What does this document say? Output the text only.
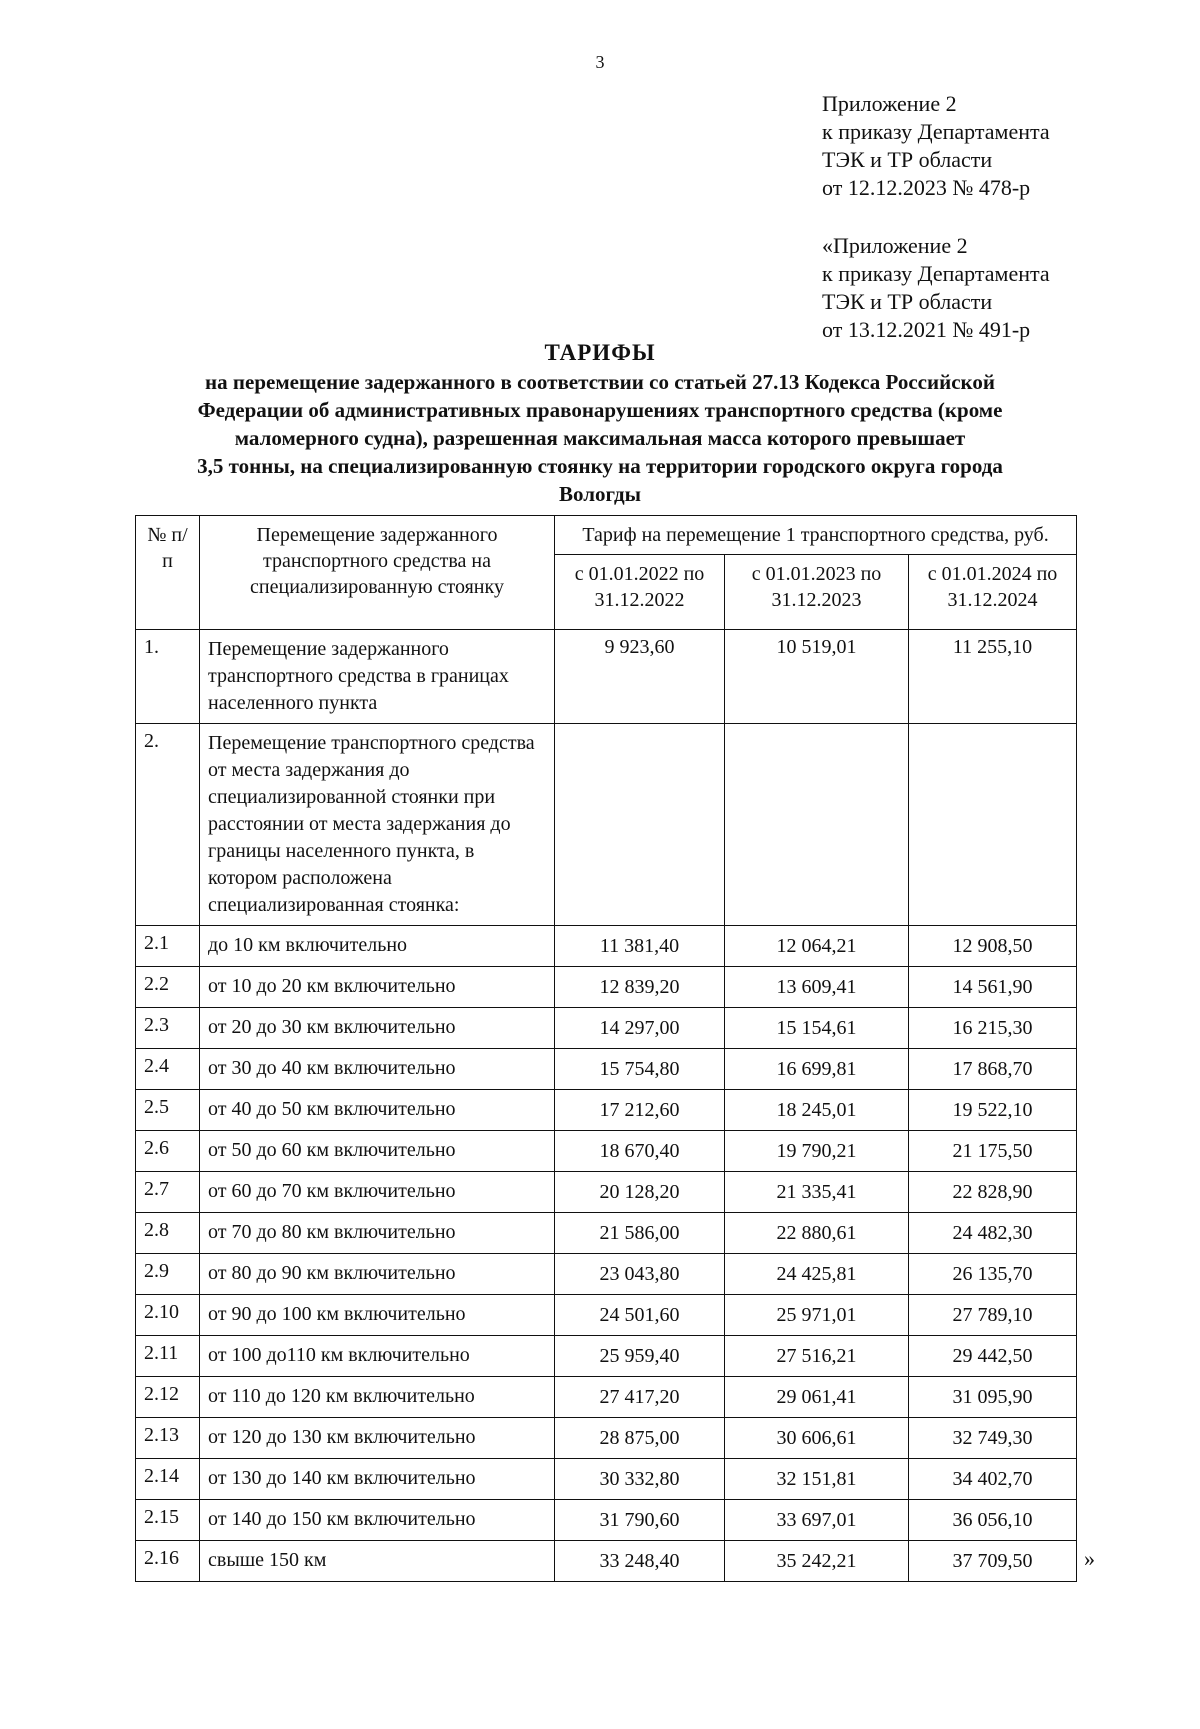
3
Приложение 2
к приказу Департамента
ТЭК и ТР области
от 12.12.2023 № 478-р
«Приложение 2
к приказу Департамента
ТЭК и ТР области
от 13.12.2021 № 491-р
ТАРИФЫ
на перемещение задержанного в соответствии со статьей 27.13 Кодекса Российской
Федерации об административных правонарушениях транспортного средства (кроме
маломерного судна), разрешенная максимальная масса которого превышает
3,5 тонны, на специализированную стоянку на территории городского округа города
Вологды
№ п/п	Перемещение задержанного транспортного средства на специализированную стоянку	Тариф на перемещение 1 транспортного средства, руб.		
		с 01.01.2022 по 31.12.2022	с 01.01.2023 по 31.12.2023	с 01.01.2024 по 31.12.2024
1.	Перемещение задержанного транспортного средства в границах населенного пункта	9 923,60	10 519,01	11 255,10
2.	Перемещение транспортного средства от места задержания до специализированной стоянки при расстоянии от места задержания до границы населенного пункта, в котором расположена специализированная стоянка:			
2.1	до 10 км включительно	11 381,40	12 064,21	12 908,50
2.2	от 10 до 20 км включительно	12 839,20	13 609,41	14 561,90
2.3	от 20 до 30 км включительно	14 297,00	15 154,61	16 215,30
2.4	от 30 до 40 км включительно	15 754,80	16 699,81	17 868,70
2.5	от 40 до 50 км включительно	17 212,60	18 245,01	19 522,10
2.6	от 50 до 60 км включительно	18 670,40	19 790,21	21 175,50
2.7	от 60 до 70 км включительно	20 128,20	21 335,41	22 828,90
2.8	от 70 до 80 км включительно	21 586,00	22 880,61	24 482,30
2.9	от 80 до 90 км включительно	23 043,80	24 425,81	26 135,70
2.10	от 90 до 100 км включительно	24 501,60	25 971,01	27 789,10
2.11	от 100 до110 км включительно	25 959,40	27 516,21	29 442,50
2.12	от 110 до 120 км включительно	27 417,20	29 061,41	31 095,90
2.13	от 120 до 130 км включительно	28 875,00	30 606,61	32 749,30
2.14	от 130 до 140 км включительно	30 332,80	32 151,81	34 402,70
2.15	от 140 до 150 км включительно	31 790,60	33 697,01	36 056,10
2.16	свыше 150 км	33 248,40	35 242,21	37 709,50 »
